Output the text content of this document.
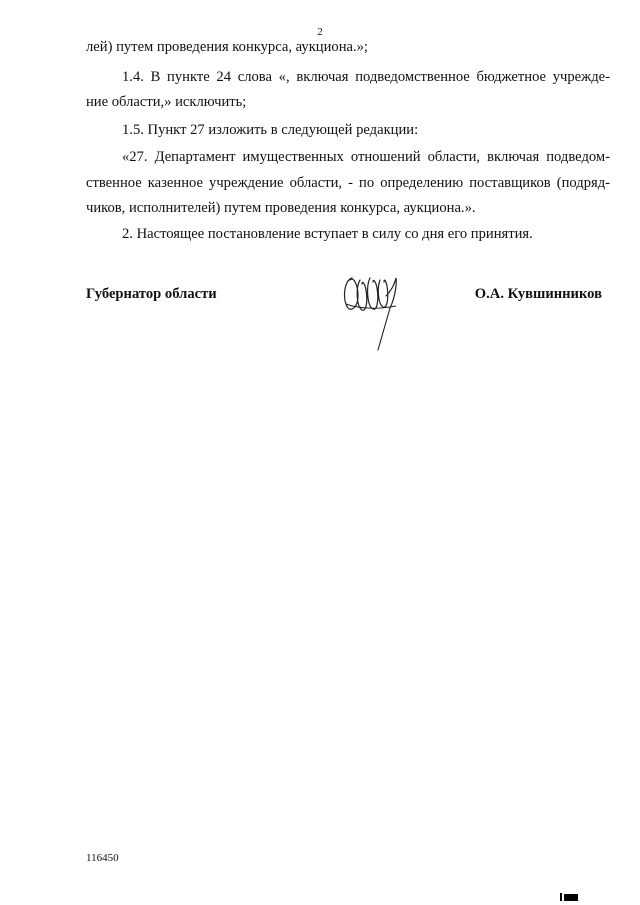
2
лей) путем проведения конкурса, аукциона.»;
1.4. В пункте 24 слова «, включая подведомственное бюджетное учрежде-
ние области,» исключить;
1.5. Пункт 27 изложить в следующей редакции:
«27. Департамент имущественных отношений области, включая подведом-
ственное казенное учреждение области, - по определению поставщиков (подряд-
чиков, исполнителей) путем проведения конкурса, аукциона.».
2. Настоящее постановление вступает в силу со дня его принятия.
Губернатор области	О.А. Кувшинников
116450
